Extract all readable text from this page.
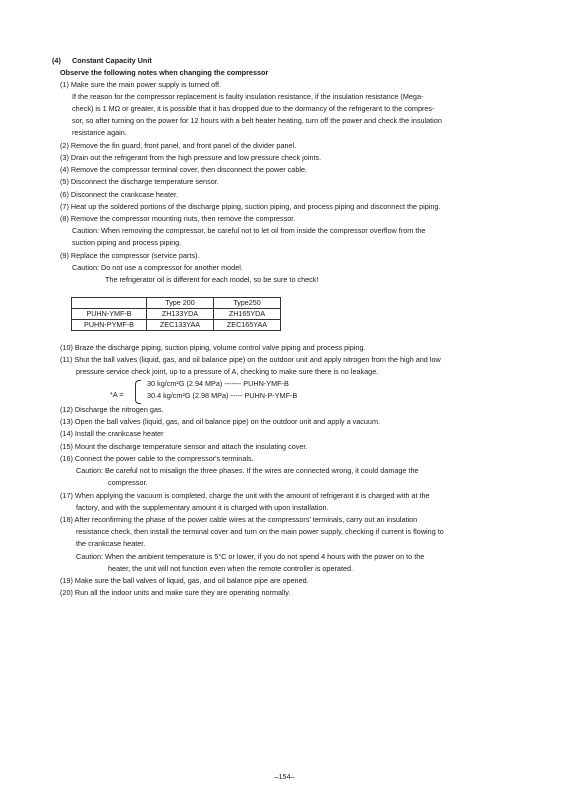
(4) Constant Capacity Unit
Observe the following notes when changing the compressor
(1) Make sure the main power supply is turned off.
If the reason for the compressor replacement is faulty insulation resistance, if the insulation resistance (Mega-
check) is 1 MΩ or greater, it is possible that it has dropped due to the dormancy of the refrigerant to the compres-
sor, so after turning on the power for 12 hours with a belt heater heating, turn off the power and check the insulation
resistance again.
(2) Remove the fin guard, front panel, and front panel of the divider panel.
(3) Drain out the refrigerant from the high pressure and low pressure check joints.
(4) Remove the compressor terminal cover, then disconnect the power cable.
(5) Disconnect the discharge temperature sensor.
(6) Disconnect the crankcase heater.
(7) Heat up the soldered portions of the discharge piping, suction piping, and process piping and disconnect the piping.
(8) Remove the compressor mounting nuts, then remove the compressor.
Caution: When removing the compressor, be careful not to let oil from inside the compressor overflow from the
suction piping and process piping.
(9) Replace the compressor (service parts).
Caution: Do not use a compressor for another model.
The refrigerator oil is different for each model, so be sure to check!
	Type 200	Type250
PUHN-YMF-B	ZH133YDA	ZH165YDA
PUHN-PYMF-B	ZEC133YAA	ZEC165YAA
(10) Braze the discharge piping, suction piping, volume control valve piping and process piping.
(11) Shut the ball valves (liquid, gas, and oil balance pipe) on the outdoor unit and apply nitrogen from the high and low
pressure service check joint, up to a pressure of A, checking to make sure there is no leakage.
*A =
30 kg/cm²G (2.94 MPa) ------- PUHN-YMF-B
30.4 kg/cm²G (2.98 MPa) ----- PUHN-P-YMF-B
(12) Discharge the nitrogen gas.
(13) Open the ball valves (liquid, gas, and oil balance pipe) on the outdoor unit and apply a vacuum.
(14) Install the crankcase heater
(15) Mount the discharge temperature sensor and attach the insulating cover.
(16) Connect the power cable to the compressor's terminals.
Caution: Be careful not to misalign the three phases. If the wires are connected wrong, it could damage the
compressor.
(17) When applying the vacuum is completed, charge the unit with the amount of refrigerant it is charged with at the
factory, and with the supplementary amount it is charged with upon installation.
(18) After reconfirming the phase of the power cable wires at the compressors' terminals, carry out an insulation
resistance check, then install the terminal cover and turn on the main power supply, checking if current is flowing to
the crankcase heater.
Caution: When the ambient temperature is 5°C or lower, if you do not spend 4 hours with the power on to the
heater, the unit will not function even when the remote controller is operated.
(19) Make sure the ball valves of liquid, gas, and oil balance pipe are opened.
(20) Run all the indoor units and make sure they are operating normally.
–154–
